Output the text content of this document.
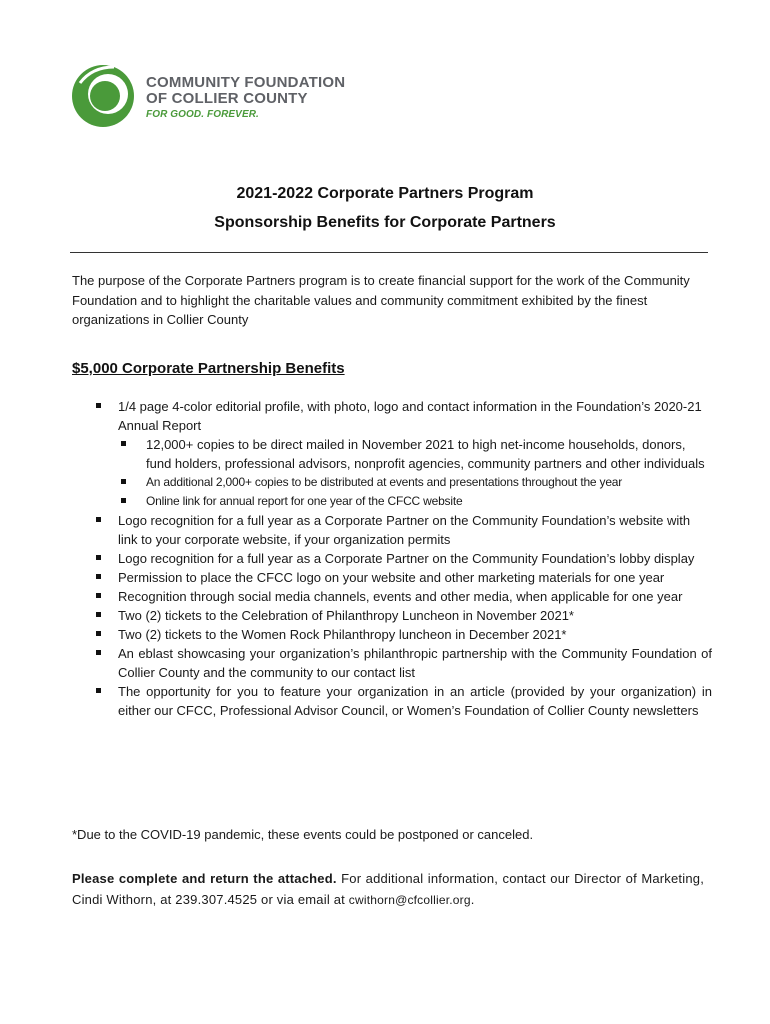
COMMUNITY FOUNDATION
OF COLLIER COUNTY
FOR GOOD. FOREVER.
2021-2022 Corporate Partners Program
Sponsorship Benefits for Corporate Partners
The purpose of the Corporate Partners program is to create financial support for the work of the Community Foundation and to highlight the charitable values and community commitment exhibited by the finest organizations in Collier County
$5,000 Corporate Partnership Benefits
1/4 page 4-color editorial profile, with photo, logo and contact information in the Foundation’s 2020-21 Annual Report
12,000+ copies to be direct mailed in November 2021 to high net-income households, donors, fund holders, professional advisors, nonprofit agencies, community partners and other individuals
An additional 2,000+ copies to be distributed at events and presentations throughout the year
Online link for annual report for one year of the CFCC website
Logo recognition for a full year as a Corporate Partner on the Community Foundation’s website with link to your corporate website, if your organization permits
Logo recognition for a full year as a Corporate Partner on the Community Foundation’s lobby display
Permission to place the CFCC logo on your website and other marketing materials for one year
Recognition through social media channels, events and other media, when applicable for one year
Two (2) tickets to the Celebration of Philanthropy Luncheon in November 2021*
Two (2) tickets to the Women Rock Philanthropy luncheon in December 2021*
An eblast showcasing your organization’s philanthropic partnership with the Community Foundation of Collier County and the community to our contact list
The opportunity for you to feature your organization in an article (provided by your organization) in either our CFCC, Professional Advisor Council, or Women’s Foundation of Collier County newsletters
*Due to the COVID-19 pandemic, these events could be postponed or canceled.
Please complete and return the attached. For additional information, contact our Director of Marketing, Cindi Withorn, at 239.307.4525 or via email at cwithorn@cfcollier.org.
